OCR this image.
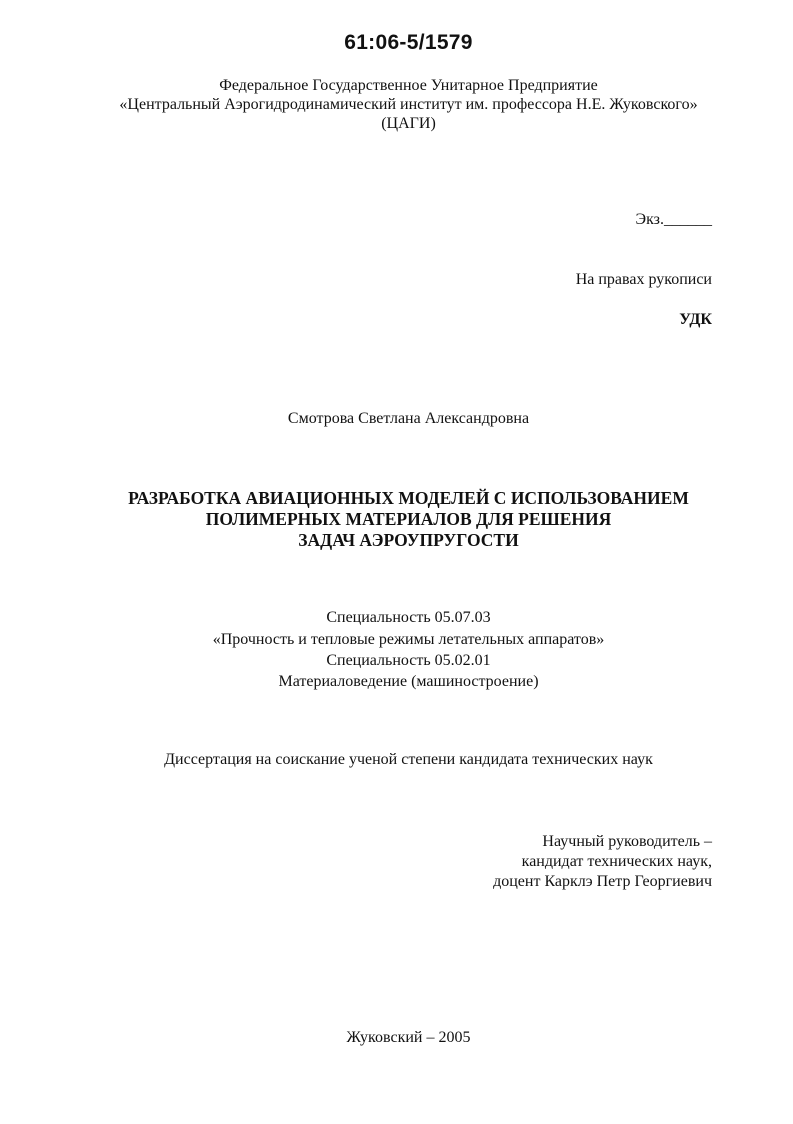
61:06-5/1579
Федеральное Государственное Унитарное Предприятие
«Центральный Аэрогидродинамический институт им. профессора Н.Е. Жуковского»
(ЦАГИ)
Экз.______
На правах рукописи
УДК
Смотрова Светлана Александровна
РАЗРАБОТКА АВИАЦИОННЫХ МОДЕЛЕЙ С ИСПОЛЬЗОВАНИЕМ
ПОЛИМЕРНЫХ МАТЕРИАЛОВ ДЛЯ РЕШЕНИЯ
ЗАДАЧ АЭРОУПРУГОСТИ
Специальность 05.07.03
«Прочность и тепловые режимы летательных аппаратов»
Специальность 05.02.01
Материаловедение (машиностроение)
Диссертация на соискание ученой степени кандидата технических наук
Научный руководитель –
кандидат технических наук,
доцент Карклэ Петр Георгиевич
Жуковский – 2005
